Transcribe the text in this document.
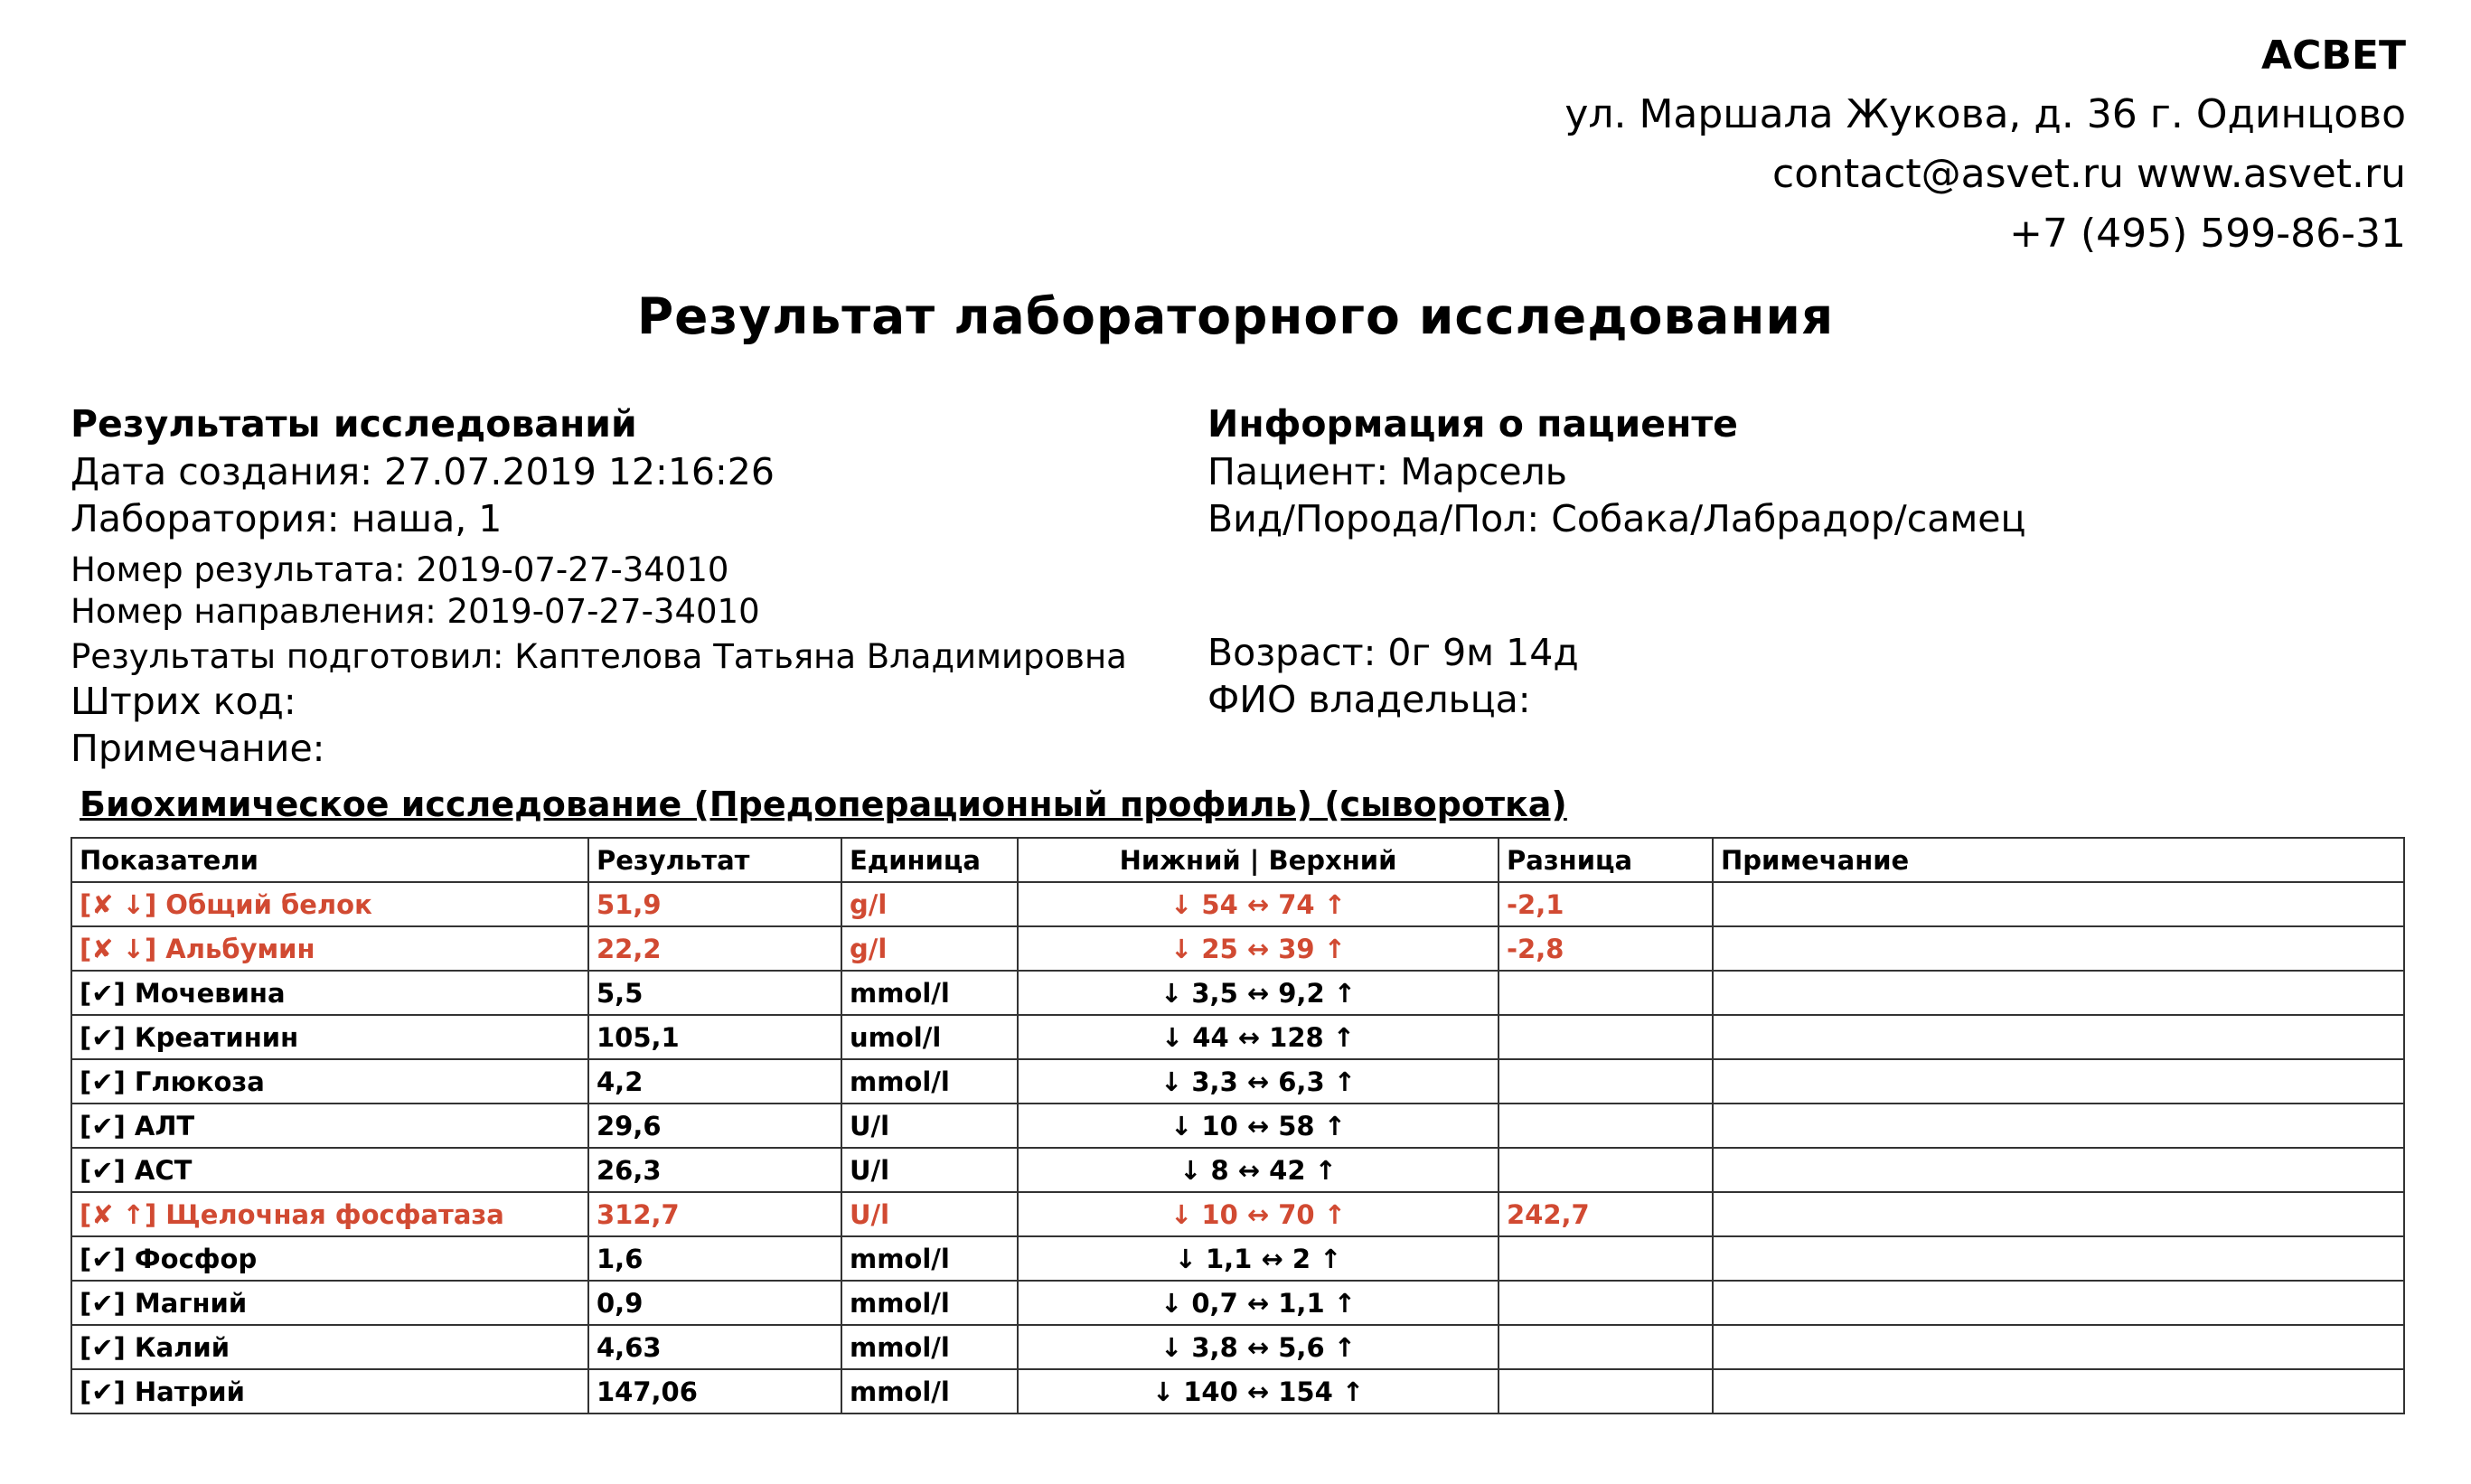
АСВЕТ
ул. Маршала Жукова, д. 36 г. Одинцово
contact@asvet.ru www.asvet.ru
+7 (495) 599-86-31
Результат лабораторного исследования
Результаты исследований
Дата создания: 27.07.2019 12:16:26
Лаборатория: наша, 1
Номер результата: 2019-07-27-34010
Номер направления: 2019-07-27-34010
Результаты подготовил: Каптелова Татьяна Владимировна
Штрих код:
Примечание:
Информация о пациенте
Пациент: Марсель
Вид/Порода/Пол: Собака/Лабрадор/самец
Возраст: 0г 9м 14д
ФИО владельца:
Биохимическое исследование (Предоперационный профиль) (сыворотка)
Показатели	Результат	Единица	Нижний | Верхний	Разница	Примечание
[✘ ↓] Общий белок	51,9	g/l	↓ 54 ↔ 74 ↑	-2,1	
[✘ ↓] Альбумин	22,2	g/l	↓ 25 ↔ 39 ↑	-2,8	
[✔] Мочевина	5,5	mmol/l	↓ 3,5 ↔ 9,2 ↑		
[✔] Креатинин	105,1	umol/l	↓ 44 ↔ 128 ↑		
[✔] Глюкоза	4,2	mmol/l	↓ 3,3 ↔ 6,3 ↑		
[✔] АЛТ	29,6	U/l	↓ 10 ↔ 58 ↑		
[✔] АСТ	26,3	U/l	↓ 8 ↔ 42 ↑		
[✘ ↑] Щелочная фосфатаза	312,7	U/l	↓ 10 ↔ 70 ↑	242,7	
[✔] Фосфор	1,6	mmol/l	↓ 1,1 ↔ 2 ↑		
[✔] Магний	0,9	mmol/l	↓ 0,7 ↔ 1,1 ↑		
[✔] Калий	4,63	mmol/l	↓ 3,8 ↔ 5,6 ↑		
[✔] Натрий	147,06	mmol/l	↓ 140 ↔ 154 ↑		
